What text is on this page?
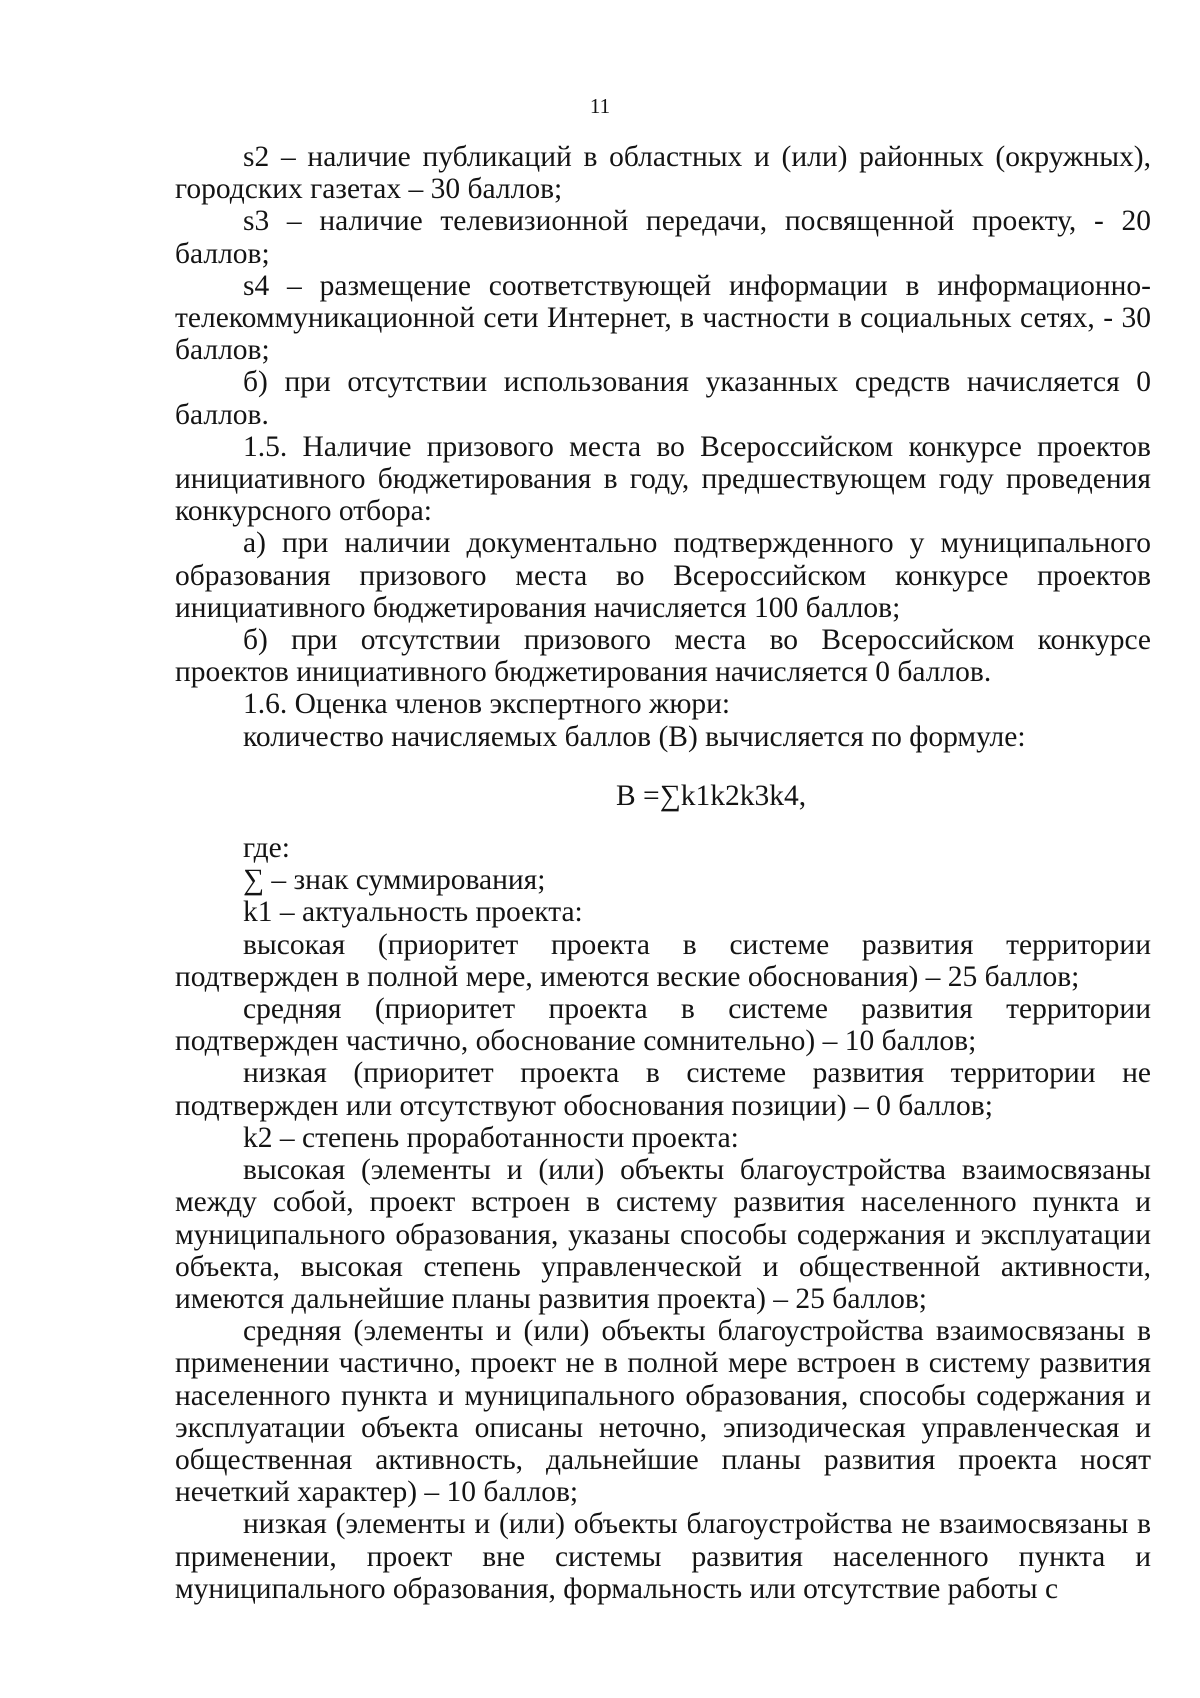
11

s2 – наличие публикаций в областных и (или) районных (окружных), городских газетах – 30 баллов;

s3 – наличие телевизионной передачи, посвященной проекту, - 20 баллов;

s4 – размещение соответствующей информации в информационно-телекоммуникационной сети Интернет, в частности в социальных сетях, - 30 баллов;

б) при отсутствии использования указанных средств начисляется 0 баллов.

1.5. Наличие призового места во Всероссийском конкурсе проектов инициативного бюджетирования в году, предшествующем году проведения конкурсного отбора:

а) при наличии документально подтвержденного у муниципального образования призового места во Всероссийском конкурсе проектов инициативного бюджетирования начисляется 100 баллов;

б) при отсутствии призового места во Всероссийском конкурсе проектов инициативного бюджетирования начисляется 0 баллов.

1.6. Оценка членов экспертного жюри:

количество начисляемых баллов (В) вычисляется по формуле:

В =∑k1k2k3k4,

где:

∑ – знак суммирования;

k1 – актуальность проекта:

высокая (приоритет проекта в системе развития территории подтвержден в полной мере, имеются веские обоснования) – 25 баллов;

средняя (приоритет проекта в системе развития территории подтвержден частично, обоснование сомнительно) – 10 баллов;

низкая (приоритет проекта в системе развития территории не подтвержден или отсутствуют обоснования позиции) – 0 баллов;

k2 – степень проработанности проекта:

высокая (элементы и (или) объекты благоустройства взаимосвязаны между собой, проект встроен в систему развития населенного пункта и муниципального образования, указаны способы содержания и эксплуатации объекта, высокая степень управленческой и общественной активности, имеются дальнейшие планы развития проекта) – 25 баллов;

средняя (элементы и (или) объекты благоустройства взаимосвязаны в применении частично, проект не в полной мере встроен в систему развития населенного пункта и муниципального образования, способы содержания и эксплуатации объекта описаны неточно, эпизодическая управленческая и общественная активность, дальнейшие планы развития проекта носят нечеткий характер) – 10 баллов;

низкая (элементы и (или) объекты благоустройства не взаимосвязаны в применении, проект вне системы развития населенного пункта и муниципального образования, формальность или отсутствие работы с
